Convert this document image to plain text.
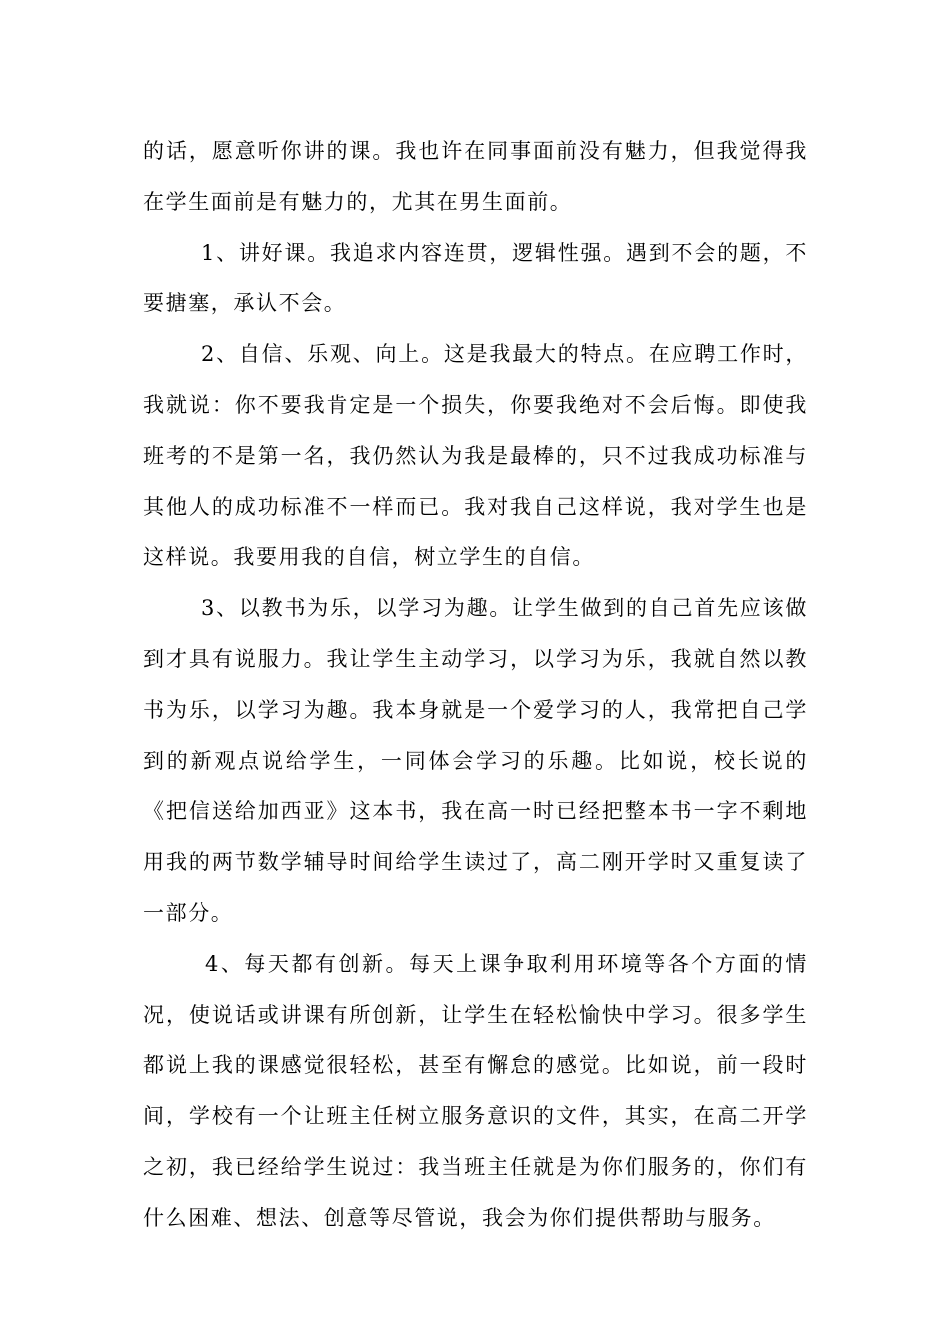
的话，愿意听你讲的课。我也许在同事面前没有魅力，但我觉得我在学生面前是有魅力的，尤其在男生面前。

1、讲好课。我追求内容连贯，逻辑性强。遇到不会的题，不要搪塞，承认不会。

2、自信、乐观、向上。这是我最大的特点。在应聘工作时，我就说：你不要我肯定是一个损失，你要我绝对不会后悔。即使我班考的不是第一名，我仍然认为我是最棒的，只不过我成功标准与其他人的成功标准不一样而已。我对我自己这样说，我对学生也是这样说。我要用我的自信，树立学生的自信。

3、以教书为乐，以学习为趣。让学生做到的自己首先应该做到才具有说服力。我让学生主动学习，以学习为乐，我就自然以教书为乐，以学习为趣。我本身就是一个爱学习的人，我常把自己学到的新观点说给学生，一同体会学习的乐趣。比如说，校长说的《把信送给加西亚》这本书，我在高一时已经把整本书一字不剩地用我的两节数学辅导时间给学生读过了，高二刚开学时又重复读了一部分。

4、每天都有创新。每天上课争取利用环境等各个方面的情况，使说话或讲课有所创新，让学生在轻松愉快中学习。很多学生都说上我的课感觉很轻松，甚至有懈怠的感觉。比如说，前一段时间，学校有一个让班主任树立服务意识的文件，其实，在高二开学之初，我已经给学生说过：我当班主任就是为你们服务的，你们有什么困难、想法、创意等尽管说，我会为你们提供帮助与服务。
